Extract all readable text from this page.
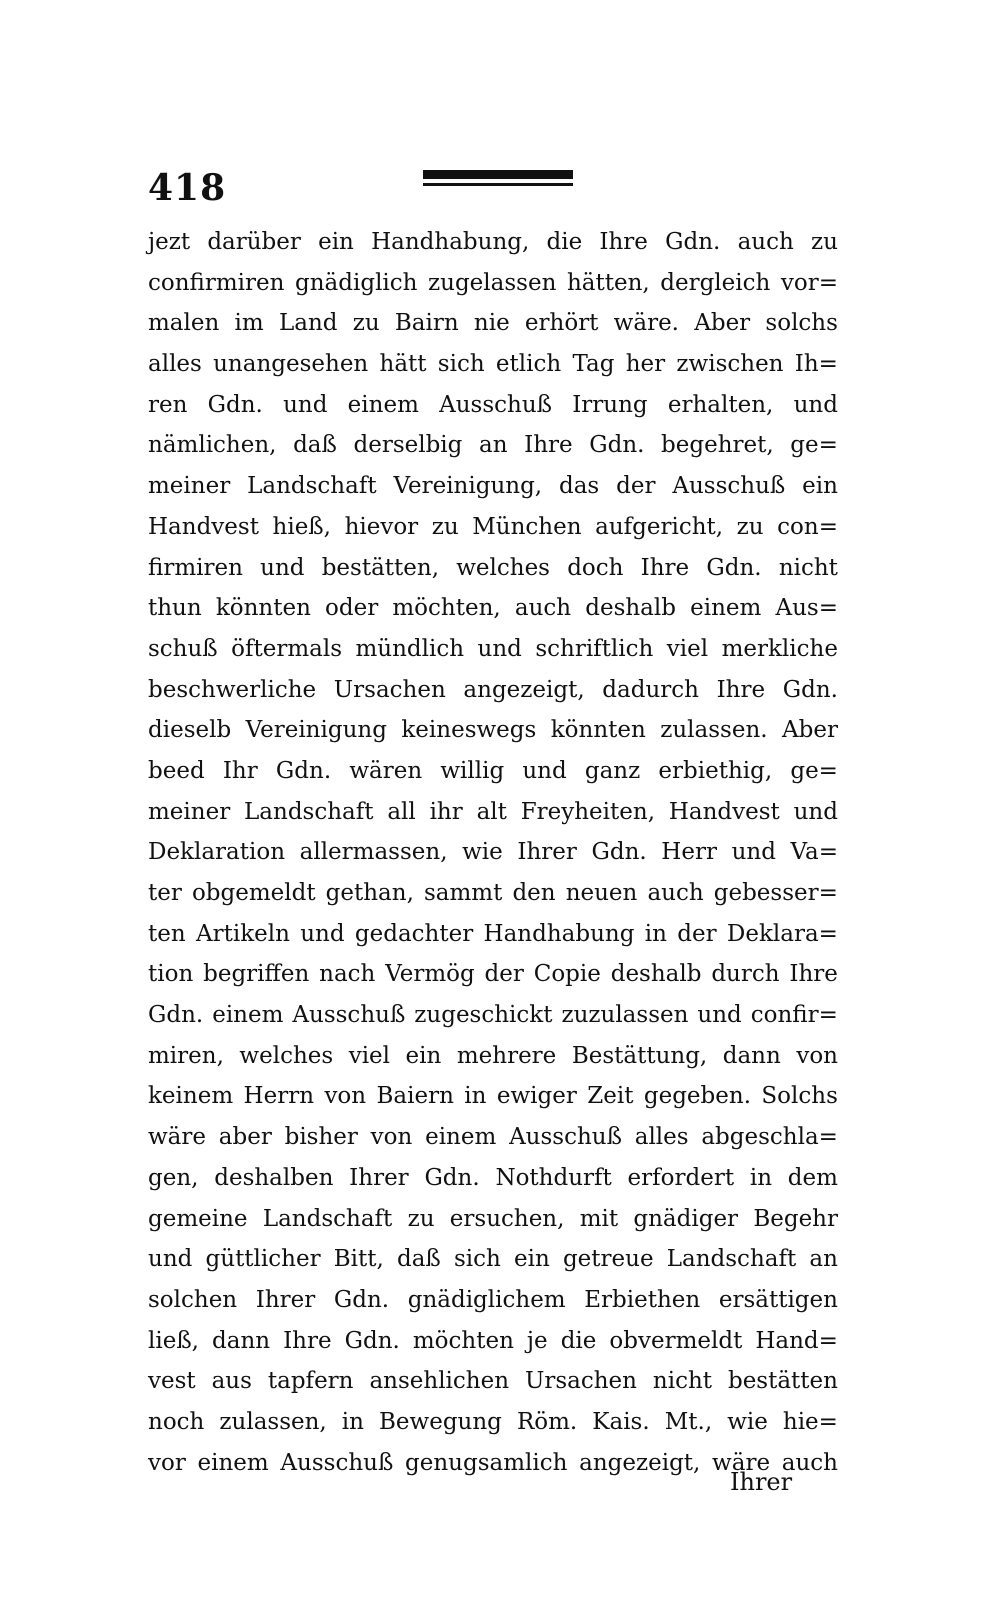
418
jezt darüber ein Handhabung, die Ihre Gdn. auch zu
confirmiren gnädiglich zugelassen hätten, dergleich vor=
malen im Land zu Bairn nie erhört wäre. Aber solchs
alles unangesehen hätt sich etlich Tag her zwischen Ih=
ren Gdn. und einem Ausschuß Irrung erhalten, und
nämlichen, daß derselbig an Ihre Gdn. begehret, ge=
meiner Landschaft Vereinigung, das der Ausschuß ein
Handvest hieß, hievor zu München aufgericht, zu con=
firmiren und bestätten, welches doch Ihre Gdn. nicht
thun könnten oder möchten, auch deshalb einem Aus=
schuß öftermals mündlich und schriftlich viel merkliche
beschwerliche Ursachen angezeigt, dadurch Ihre Gdn.
dieselb Vereinigung keineswegs könnten zulassen. Aber
beed Ihr Gdn. wären willig und ganz erbiethig, ge=
meiner Landschaft all ihr alt Freyheiten, Handvest und
Deklaration allermassen, wie Ihrer Gdn. Herr und Va=
ter obgemeldt gethan, sammt den neuen auch gebesser=
ten Artikeln und gedachter Handhabung in der Deklara=
tion begriffen nach Vermög der Copie deshalb durch Ihre
Gdn. einem Ausschuß zugeschickt zuzulassen und confir=
miren, welches viel ein mehrere Bestättung, dann von
keinem Herrn von Baiern in ewiger Zeit gegeben. Solchs
wäre aber bisher von einem Ausschuß alles abgeschla=
gen, deshalben Ihrer Gdn. Nothdurft erfordert in dem
gemeine Landschaft zu ersuchen, mit gnädiger Begehr
und güttlicher Bitt, daß sich ein getreue Landschaft an
solchen Ihrer Gdn. gnädiglichem Erbiethen ersättigen
ließ, dann Ihre Gdn. möchten je die obvermeldt Hand=
vest aus tapfern ansehlichen Ursachen nicht bestätten
noch zulassen, in Bewegung Röm. Kais. Mt., wie hie=
vor einem Ausschuß genugsamlich angezeigt, wäre auch
Ihrer
